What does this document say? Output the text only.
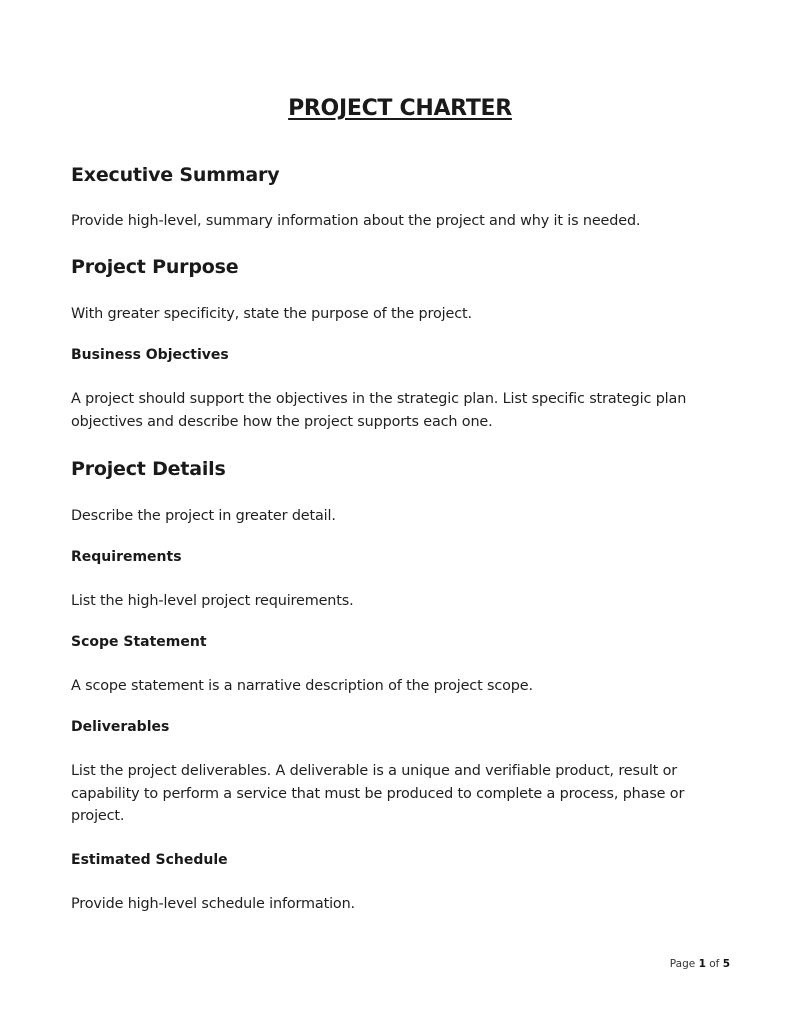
PROJECT CHARTER
Executive Summary

Provide high-level, summary information about the project and why it is needed.

Project Purpose

With greater specificity, state the purpose of the project.

Business Objectives

A project should support the objectives in the strategic plan. List specific strategic plan objectives and describe how the project supports each one.

Project Details

Describe the project in greater detail.

Requirements

List the high-level project requirements.

Scope Statement

A scope statement is a narrative description of the project scope.

Deliverables

List the project deliverables. A deliverable is a unique and verifiable product, result or capability to perform a service that must be produced to complete a process, phase or project.

Estimated Schedule

Provide high-level schedule information.

Page 1 of 5
